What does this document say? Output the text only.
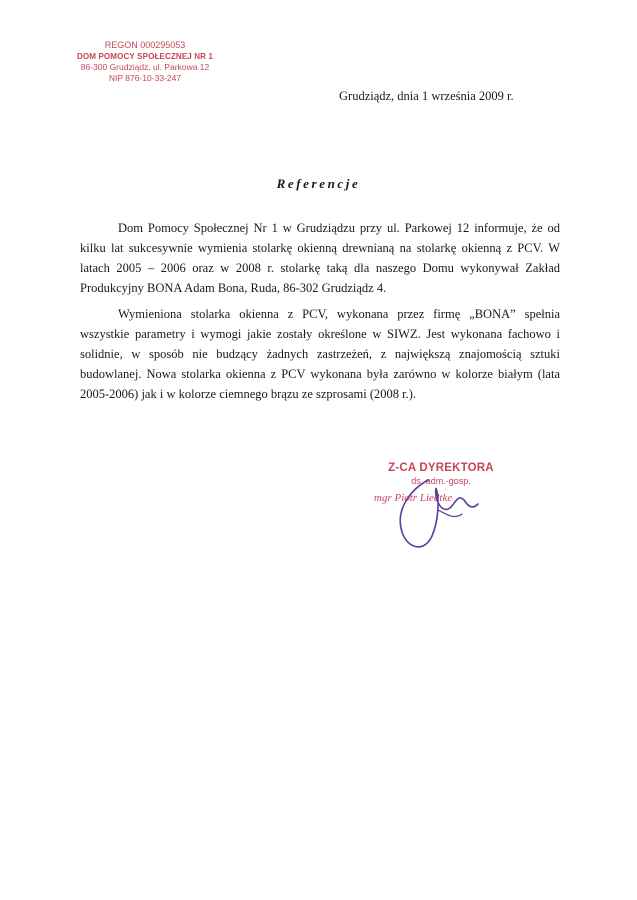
REGON 000295053
DOM POMOCY SPOŁECZNEJ NR 1
86-300 Grudziądz, ul. Parkowa 12
NIP 876-10-33-247
Grudziądz, dnia 1 września 2009 r.
Referencje

Dom Pomocy Społecznej Nr 1 w Grudziądzu przy ul. Parkowej 12 informuje, że od kilku lat sukcesywnie wymienia stolarkę okienną drewnianą na stolarkę okienną z PCV. W latach 2005 – 2006 oraz w 2008 r. stolarkę taką dla naszego Domu wykonywał Zakład Produkcyjny BONA Adam Bona, Ruda, 86-302 Grudziądz 4.

Wymieniona stolarka okienna z PCV, wykonana przez firmę „BONA” spełnia wszystkie parametry i wymogi jakie zostały określone w SIWZ. Jest wykonana fachowo i solidnie, w sposób nie budzący żadnych zastrzeżeń, z największą znajomością sztuki budowlanej. Nowa stolarka okienna z PCV wykonana była zarówno w kolorze białym (lata 2005-2006) jak i w kolorze ciemnego brązu ze szprosami (2008 r.).

Z-CA DYREKTORA
ds. adm.-gosp.
mgr Piotr Liedtke
